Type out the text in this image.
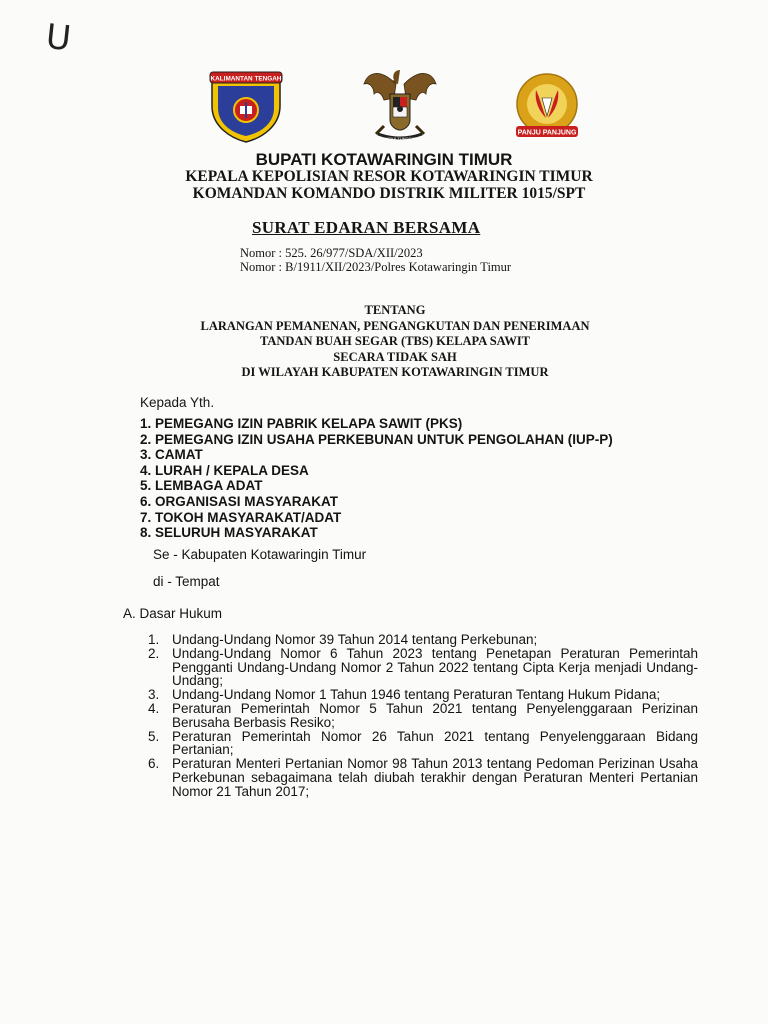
U
KALIMANTAN TENGAH
BHINNEKA TUNGGAL IKA
PANJU PANJUNG
BUPATI KOTAWARINGIN TIMUR
KEPALA KEPOLISIAN RESOR KOTAWARINGIN TIMUR
KOMANDAN KOMANDO DISTRIK MILITER 1015/SPT
SURAT EDARAN BERSAMA
Nomor : 525. 26/977/SDA/XII/2023
Nomor : B/1911/XII/2023/Polres Kotawaringin Timur
TENTANG
LARANGAN PEMANENAN, PENGANGKUTAN DAN PENERIMAAN
TANDAN BUAH SEGAR (TBS) KELAPA SAWIT
SECARA TIDAK SAH
DI WILAYAH KABUPATEN KOTAWARINGIN TIMUR
Kepada Yth.
1. PEMEGANG IZIN PABRIK KELAPA SAWIT (PKS)
2. PEMEGANG IZIN USAHA PERKEBUNAN UNTUK PENGOLAHAN (IUP-P)
3. CAMAT
4. LURAH / KEPALA DESA
5. LEMBAGA ADAT
6. ORGANISASI MASYARAKAT
7. TOKOH MASYARAKAT/ADAT
8. SELURUH MASYARAKAT
Se - Kabupaten Kotawaringin Timur
di - Tempat
A. Dasar Hukum
1. Undang-Undang Nomor 39 Tahun 2014 tentang Perkebunan;
2. Undang-Undang Nomor 6 Tahun 2023 tentang Penetapan Peraturan Pemerintah Pengganti Undang-Undang Nomor 2 Tahun 2022 tentang Cipta Kerja menjadi Undang-Undang;
3. Undang-Undang Nomor 1 Tahun 1946 tentang Peraturan Tentang Hukum Pidana;
4. Peraturan Pemerintah Nomor 5 Tahun 2021 tentang Penyelenggaraan Perizinan Berusaha Berbasis Resiko;
5. Peraturan Pemerintah Nomor 26 Tahun 2021 tentang Penyelenggaraan Bidang Pertanian;
6. Peraturan Menteri Pertanian Nomor 98 Tahun 2013 tentang Pedoman Perizinan Usaha Perkebunan sebagaimana telah diubah terakhir dengan Peraturan Menteri Pertanian Nomor 21 Tahun 2017;
